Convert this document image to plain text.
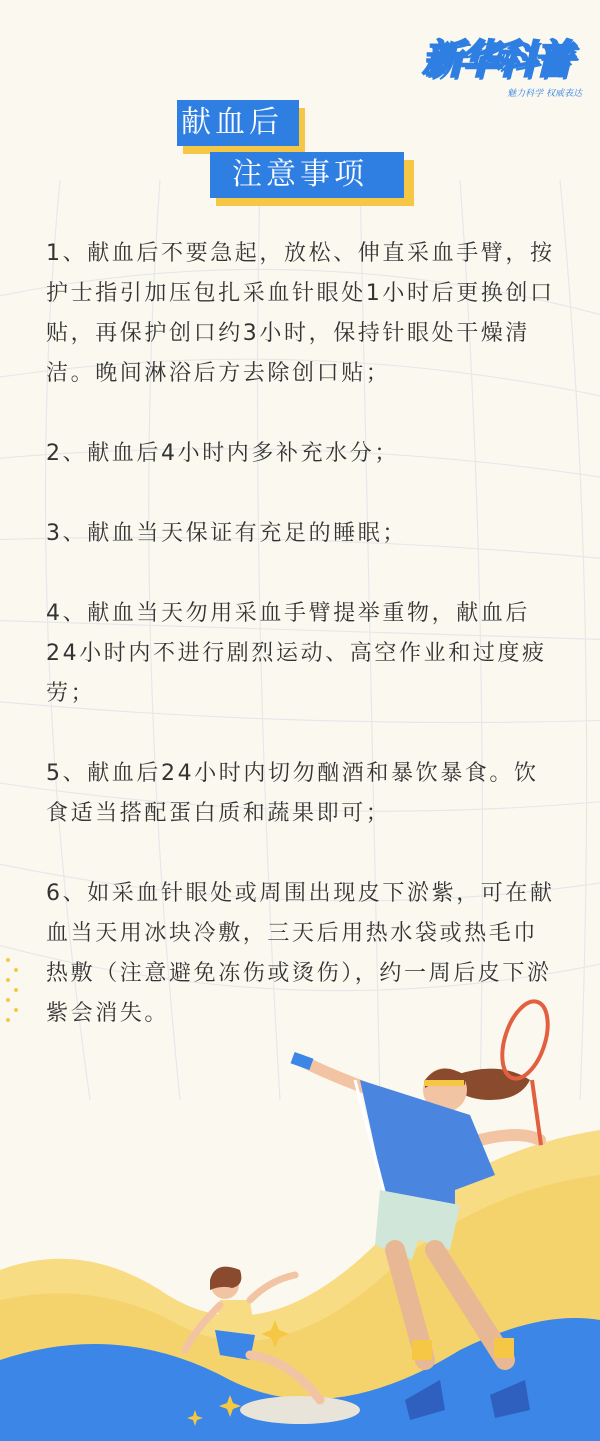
新华科普
魅力科学 权威表达
献血后
注意事项

1、献血后不要急起，放松、伸直采血手臂，按护士指引加压包扎采血针眼处1小时后更换创口贴，再保护创口约3小时，保持针眼处干燥清洁。晚间淋浴后方去除创口贴；

2、献血后4小时内多补充水分；

3、献血当天保证有充足的睡眠；

4、献血当天勿用采血手臂提举重物，献血后24小时内不进行剧烈运动、高空作业和过度疲劳；

5、献血后24小时内切勿酗酒和暴饮暴食。饮食适当搭配蛋白质和蔬果即可；

6、如采血针眼处或周围出现皮下淤紫，可在献血当天用冰块冷敷，三天后用热水袋或热毛巾热敷（注意避免冻伤或烫伤），约一周后皮下淤紫会消失。
